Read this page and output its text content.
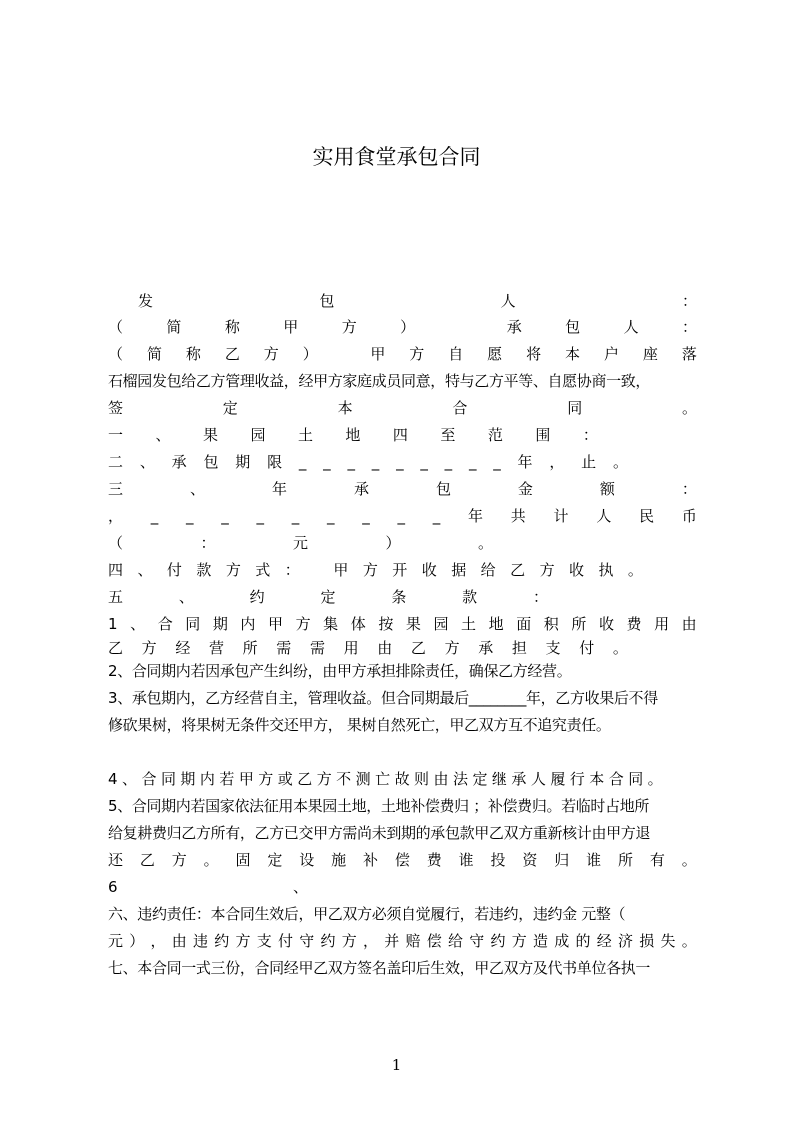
实用食堂承包合同
发	包	人	：
（	简	称	甲	方	）
	承	包	人	：
（ 简 称 乙 方 ）
	甲 方 自 愿 将 本 户 座 落
石榴园发包给乙方管理收益，经甲方家庭成员同意，特与乙方平等、自愿协商一致，
签	定	本	合	同	。
一 、 果 园 土 地 四 至 范 围 ：
二 、 承 包 期 限 _ _ _ _ _ _ _ _ _ 年 ， 止 。
三	、	年	承	包	金	额	：
， _ _ _ _ _ _ _ _ _ 年 共 计 人 民 币
（	：	元	）	。
四 、 付 款 方 式 ：
甲 方 开 收 据 给 乙 方 收 执 。
五	、	约	定	条	款	：
1 、 合 同 期 内 甲 方 集 体 按 果 园 土 地 面 积 所 收 费 用 由
乙 方 经 营 所 需 需 用 由 乙 方 承 担 支 付 。
2、合同期内若因承包产生纠纷，由甲方承担排除责任，确保乙方经营。
3、承包期内，乙方经营自主，管理收益。但合同期最后________年，乙方收果后不得
修砍果树，将果树无条件交还甲方， 果树自然死亡，甲乙双方互不追究责任。
4 、 合 同 期 内 若 甲 方 或 乙 方 不 测 亡 故 则 由 法 定 继 承 人 履 行 本 合 同 。
5、合同期内若国家依法征用本果园土地，土地补偿费归 ；补偿费归。若临时占地所
给复耕费归乙方所有，乙方已交甲方需尚未到期的承包款甲乙双方重新核计由甲方退
还 乙 方 。 固 定 设 施 补 偿 费 谁 投 资 归 谁 所 有 。
6	、
六、违约责任：本合同生效后，甲乙双方必须自觉履行，若违约，违约金 元整（
元 ） ， 由 违 约 方 支 付 守 约 方 ， 并 赔 偿 给 守 约 方 造 成 的 经 济 损 失 。
七、本合同一式三份，合同经甲乙双方签名盖印后生效，甲乙双方及代书单位各执一
1
